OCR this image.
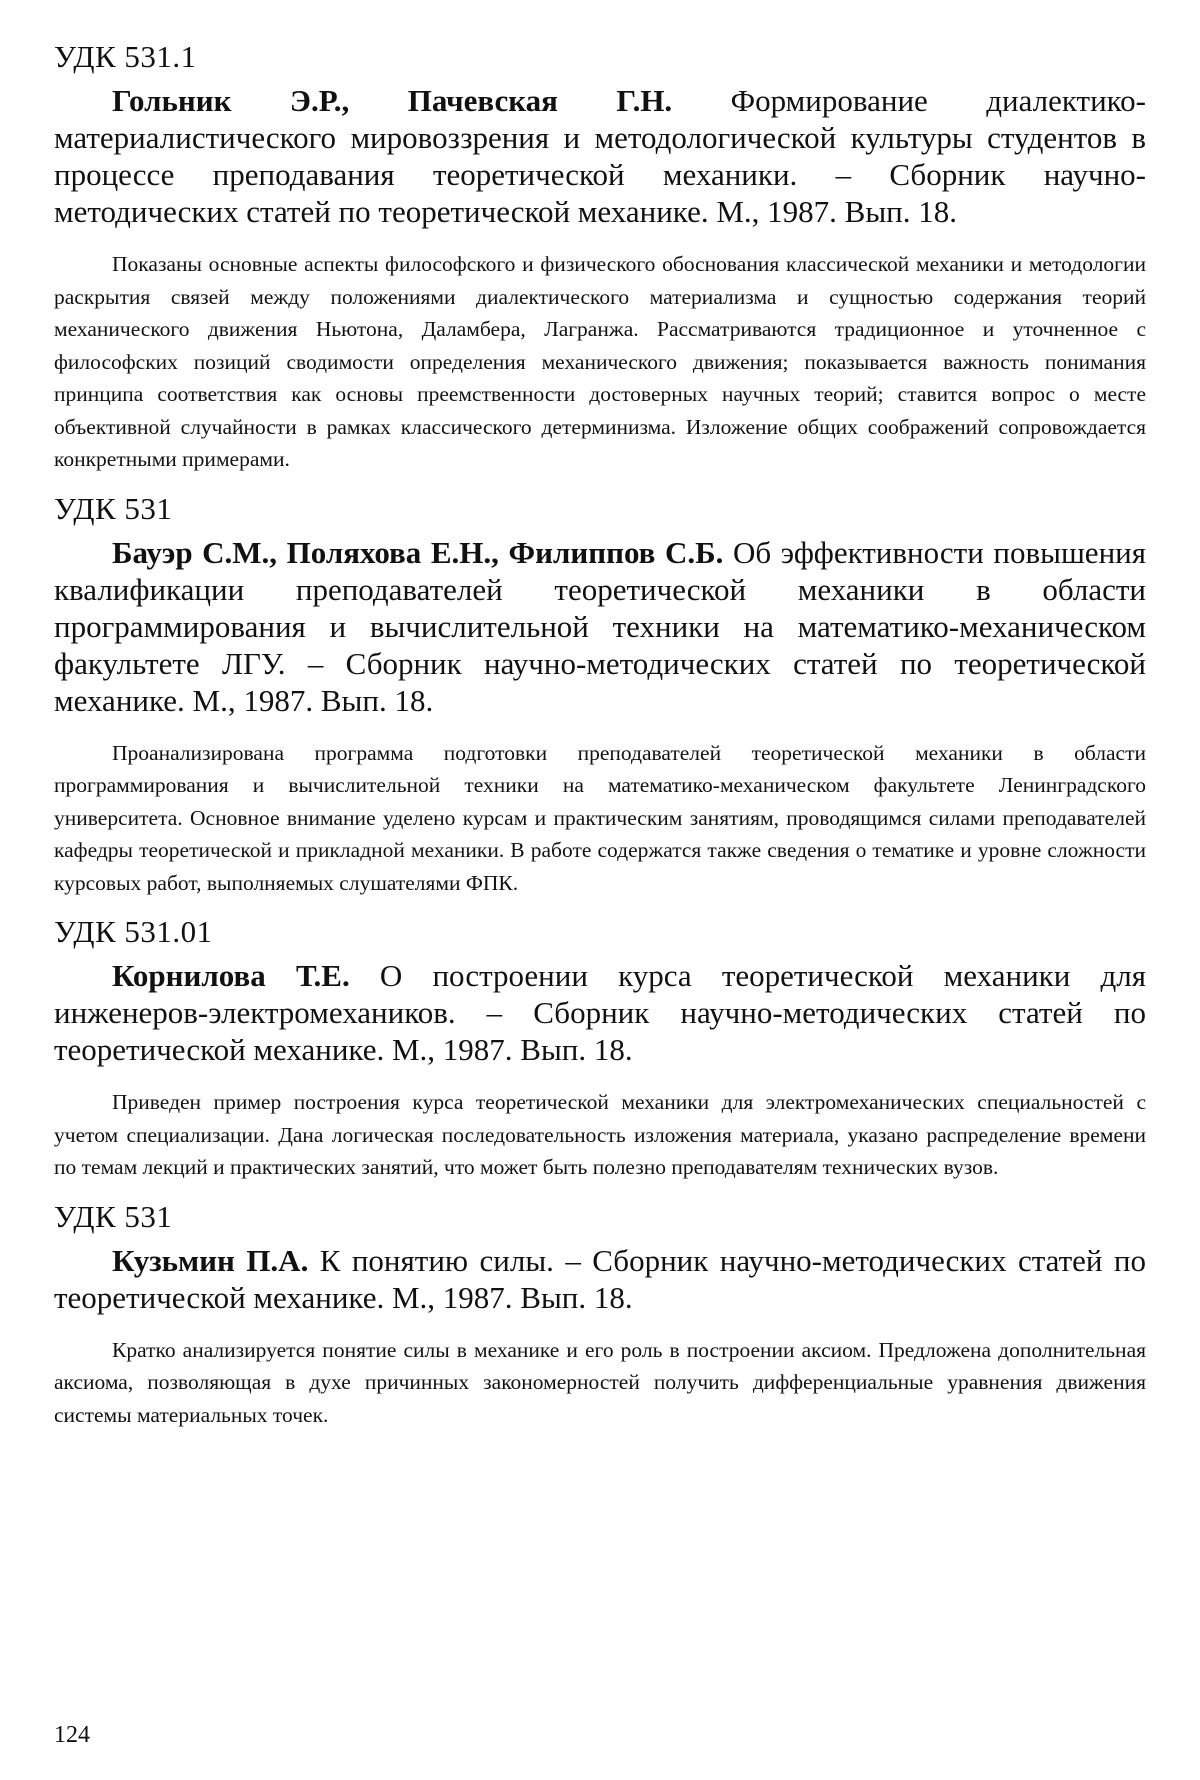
УДК 531.1

Гольник Э.Р., Пачевская Г.Н. Формирование диалектико-материалистического мировоззрения и методологической культуры студентов в процессе преподавания теоретической механики. – Сборник научно-методических статей по теоретической механике. М., 1987. Вып. 18.

Показаны основные аспекты философского и физического обоснования классической механики и методологии раскрытия связей между положениями диалектического материализма и сущностью содержания теорий механического движения Ньютона, Даламбера, Лагранжа. Рассматриваются традиционное и уточненное с философских позиций сводимости определения механического движения; показывается важность понимания принципа соответствия как основы преемственности достоверных научных теорий; ставится вопрос о месте объективной случайности в рамках классического детерминизма. Изложение общих соображений сопровождается конкретными примерами.

УДК 531

Бауэр С.М., Поляхова Е.Н., Филиппов С.Б. Об эффективности повышения квалификации преподавателей теоретической механики в области программирования и вычислительной техники на математико-механическом факультете ЛГУ. – Сборник научно-методических статей по теоретической механике. М., 1987. Вып. 18.

Проанализирована программа подготовки преподавателей теоретической механики в области программирования и вычислительной техники на математико-механическом факультете Ленинградского университета. Основное внимание уделено курсам и практическим занятиям, проводящимся силами преподавателей кафедры теоретической и прикладной механики. В работе содержатся также сведения о тематике и уровне сложности курсовых работ, выполняемых слушателями ФПК.

УДК 531.01

Корнилова Т.Е. О построении курса теоретической механики для инженеров-электромехаников. – Сборник научно-методических статей по теоретической механике. М., 1987. Вып. 18.

Приведен пример построения курса теоретической механики для электромеханических специальностей с учетом специализации. Дана логическая последовательность изложения материала, указано распределение времени по темам лекций и практических занятий, что может быть полезно преподавателям технических вузов.

УДК 531

Кузьмин П.А. К понятию силы. – Сборник научно-методических статей по теоретической механике. М., 1987. Вып. 18.

Кратко анализируется понятие силы в механике и его роль в построении аксиом. Предложена дополнительная аксиома, позволяющая в духе причинных закономерностей получить дифференциальные уравнения движения системы материальных точек.

124
